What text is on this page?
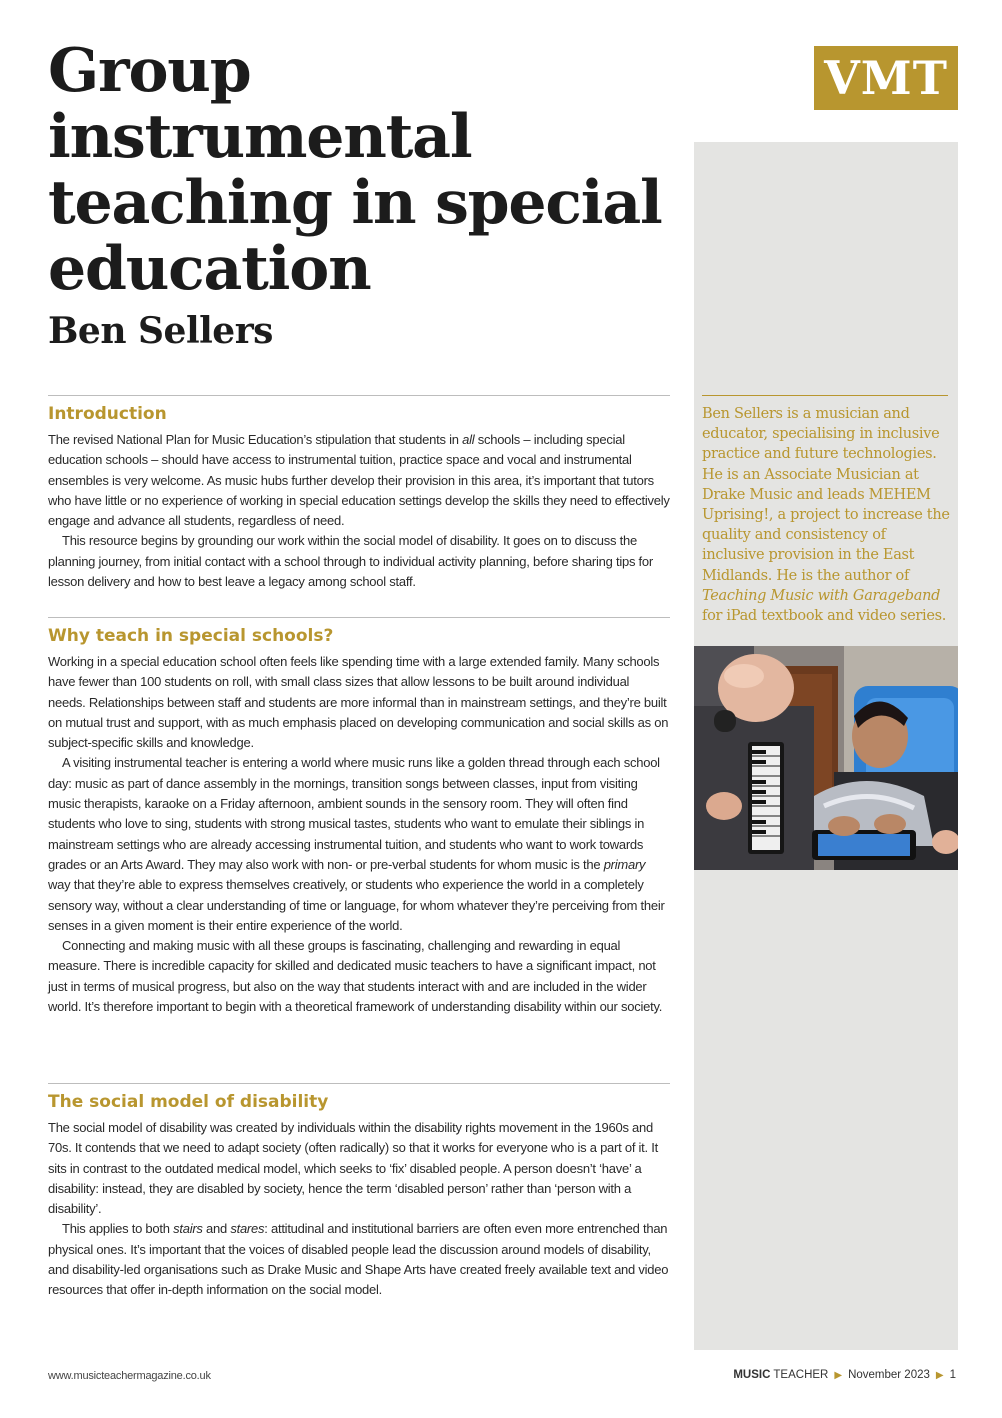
Group instrumental teaching in special education
Ben Sellers
VMT

Ben Sellers is a musician and educator, specialising in inclusive practice and future technologies. He is an Associate Musician at Drake Music and leads MEHEM Uprising!, a project to increase the quality and consistency of inclusive provision in the East Midlands. He is the author of Teaching Music with Garageband for iPad textbook and video series.

Introduction

The revised National Plan for Music Education’s stipulation that students in all schools – including special education schools – should have access to instrumental tuition, practice space and vocal and instrumental ensembles is very welcome. As music hubs further develop their provision in this area, it’s important that tutors who have little or no experience of working in special education settings develop the skills they need to effectively engage and advance all students, regardless of need.

This resource begins by grounding our work within the social model of disability. It goes on to discuss the planning journey, from initial contact with a school through to individual activity planning, before sharing tips for lesson delivery and how to best leave a legacy among school staff.

Why teach in special schools?

Working in a special education school often feels like spending time with a large extended family. Many schools have fewer than 100 students on roll, with small class sizes that allow lessons to be built around individual needs. Relationships between staff and students are more informal than in mainstream settings, and they’re built on mutual trust and support, with as much emphasis placed on developing communication and social skills as on subject-specific skills and knowledge.

A visiting instrumental teacher is entering a world where music runs like a golden thread through each school day: music as part of dance assembly in the mornings, transition songs between classes, input from visiting music therapists, karaoke on a Friday afternoon, ambient sounds in the sensory room. They will often find students who love to sing, students with strong musical tastes, students who want to emulate their siblings in mainstream settings who are already accessing instrumental tuition, and students who want to work towards grades or an Arts Award. They may also work with non- or pre-verbal students for whom music is the primary way that they’re able to express themselves creatively, or students who experience the world in a completely sensory way, without a clear understanding of time or language, for whom whatever they’re perceiving from their senses in a given moment is their entire experience of the world.

Connecting and making music with all these groups is fascinating, challenging and rewarding in equal measure. There is incredible capacity for skilled and dedicated music teachers to have a significant impact, not just in terms of musical progress, but also on the way that students interact with and are included in the wider world. It’s therefore important to begin with a theoretical framework of understanding disability within our society.

The social model of disability

The social model of disability was created by individuals within the disability rights movement in the 1960s and 70s. It contends that we need to adapt society (often radically) so that it works for everyone who is a part of it. It sits in contrast to the outdated medical model, which seeks to ‘fix’ disabled people. A person doesn’t ‘have’ a disability: instead, they are disabled by society, hence the term ‘disabled person’ rather than ‘person with a disability’.

This applies to both stairs and stares: attitudinal and institutional barriers are often even more entrenched than physical ones. It’s important that the voices of disabled people lead the discussion around models of disability, and disability-led organisations such as Drake Music and Shape Arts have created freely available text and video resources that offer in-depth information on the social model.

www.musicteachermagazine.co.uk	MUSIC TEACHER ▶ November 2023 ▶ 1
